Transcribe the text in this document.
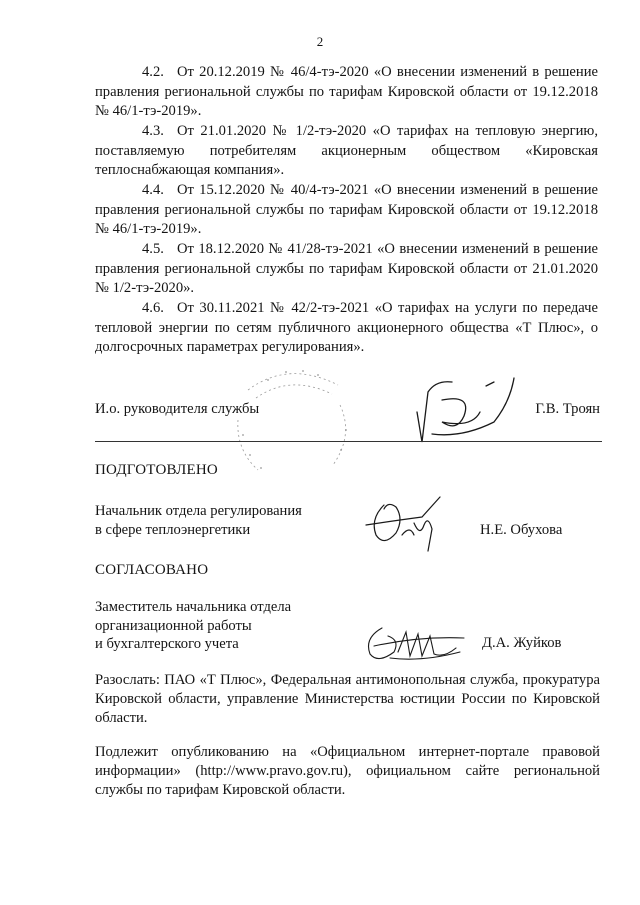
2

4.2. От 20.12.2019 № 46/4-тэ-2020 «О внесении изменений в решение правления региональной службы по тарифам Кировской области от 19.12.2018 № 46/1-тэ-2019».

4.3. От 21.01.2020 № 1/2-тэ-2020 «О тарифах на тепловую энергию, поставляемую потребителям акционерным обществом «Кировская теплоснабжающая компания».

4.4. От 15.12.2020 № 40/4-тэ-2021 «О внесении изменений в решение правления региональной службы по тарифам Кировской области от 19.12.2018 № 46/1-тэ-2019».

4.5. От 18.12.2020 № 41/28-тэ-2021 «О внесении изменений в решение правления региональной службы по тарифам Кировской области от 21.01.2020 № 1/2-тэ-2020».

4.6. От 30.11.2021 № 42/2-тэ-2021 «О тарифах на услуги по передаче тепловой энергии по сетям публичного акционерного общества «Т Плюс», о долгосрочных параметрах регулирования».

И.о. руководителя службы	Г.В. Троян
ПОДГОТОВЛЕНО
Начальник отдела регулирования
в сфере теплоэнергетики	Н.Е. Обухова
СОГЛАСОВАНО
Заместитель начальника отдела
организационной работы
и бухгалтерского учета	Д.А. Жуйков
Разослать: ПАО «Т Плюс», Федеральная антимонопольная служба, прокуратура Кировской области, управление Министерства юстиции России по Кировской области.
Подлежит опубликованию на «Официальном интернет-портале правовой информации» (http://www.pravo.gov.ru), официальном сайте региональной службы по тарифам Кировской области.
